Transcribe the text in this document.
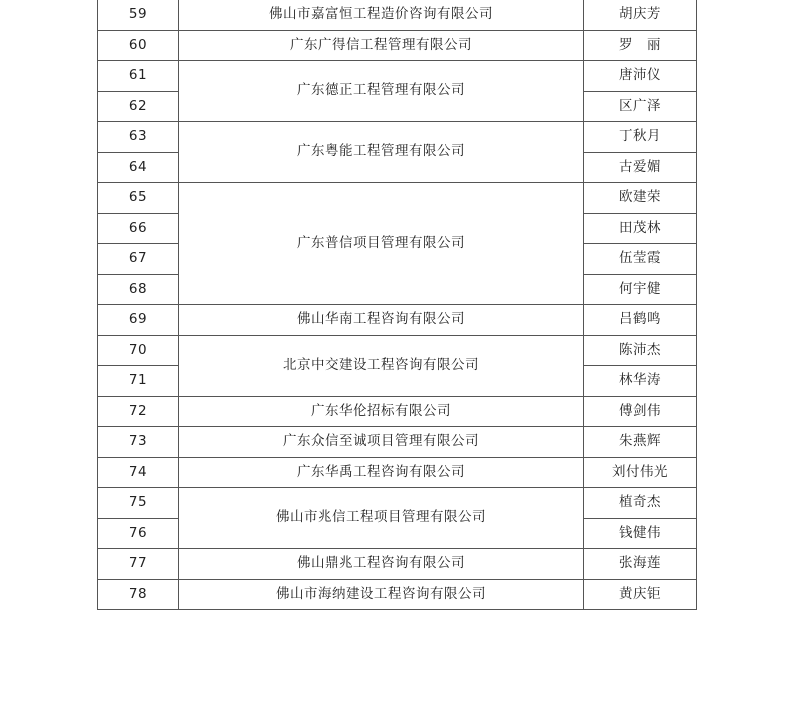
59	佛山市嘉富恒工程造价咨询有限公司	胡庆芳
60	广东广得信工程管理有限公司	罗　丽
61	广东德正工程管理有限公司	唐沛仪
62		区广泽
63	广东粤能工程管理有限公司	丁秋月
64		古爱媚
65	广东普信项目管理有限公司	欧建荣
66		田茂林
67		伍莹霞
68		何宇健
69	佛山华南工程咨询有限公司	吕鹤鸣
70	北京中交建设工程咨询有限公司	陈沛杰
71		林华涛
72	广东华伦招标有限公司	傅剑伟
73	广东众信至诚项目管理有限公司	朱燕辉
74	广东华禹工程咨询有限公司	刘付伟光
75	佛山市兆信工程项目管理有限公司	植奇杰
76		钱健伟
77	佛山鼎兆工程咨询有限公司	张海莲
78	佛山市海纳建设工程咨询有限公司	黄庆钜
